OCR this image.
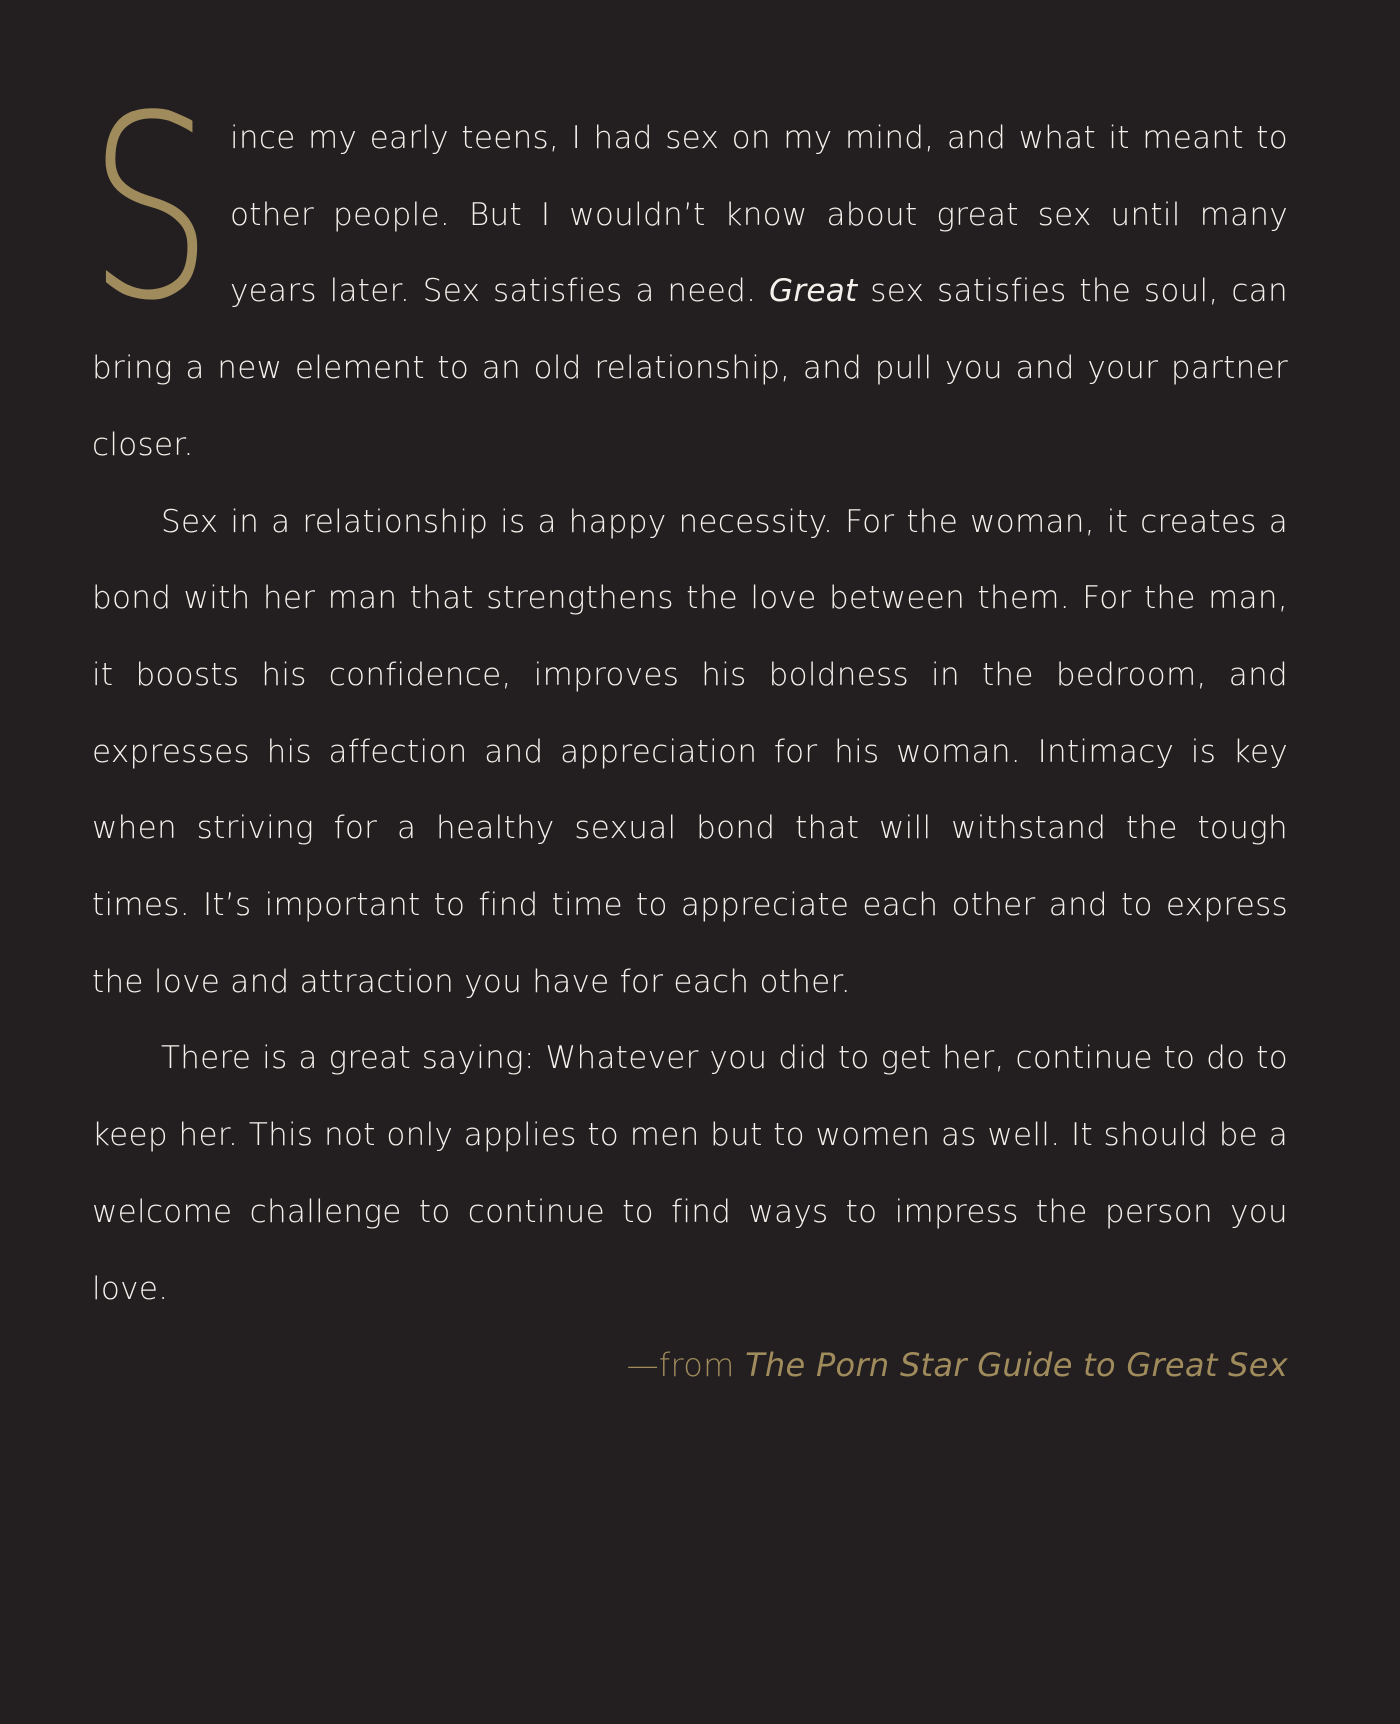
Since my early teens, I had sex on my mind, and what it meant to other people. But I wouldn’t know about great sex until many years later. Sex satisfies a need. Great sex satisfies the soul, can bring a new element to an old relationship, and pull you and your partner closer.

Sex in a relationship is a happy necessity. For the woman, it creates a bond with her man that strengthens the love between them. For the man, it boosts his confidence, improves his boldness in the bedroom, and expresses his affection and appreciation for his woman. Intimacy is key when striving for a healthy sexual bond that will withstand the tough times. It’s important to find time to appreciate each other and to express the love and attraction you have for each other.

There is a great saying: Whatever you did to get her, continue to do to keep her. This not only applies to men but to women as well. It should be a welcome challenge to continue to find ways to impress the person you love.

—from The Porn Star Guide to Great Sex
